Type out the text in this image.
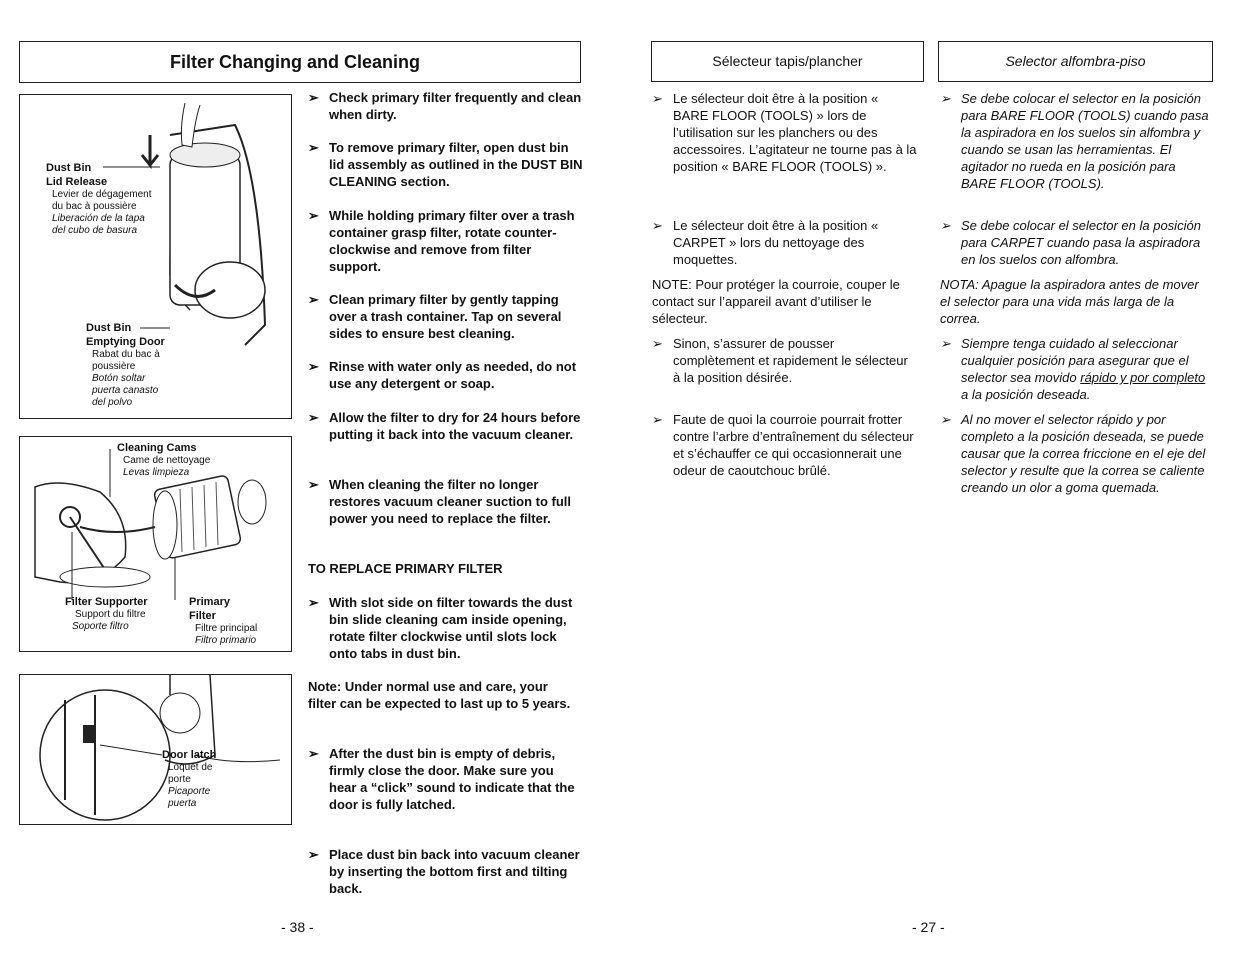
Filter Changing and Cleaning
Dust Bin
Lid Release
Levier de dégagement
du bac à poussière
Liberación de la tapa
del cubo de basura
Dust Bin
Emptying Door
Rabat du bac à
poussière
Botón soltar
puerta canasto
del polvo
Cleaning Cams
Came de nettoyage
Levas limpieza
Filter Supporter
Support du filtre
Soporte filtro
Primary
Filter
Filtre principal
Filtro primario
Door latch
Loquet de
porte
Picaporte
puerta
➢ Check primary filter frequently and clean when dirty.
➢ To remove primary filter, open dust bin lid assembly as outlined in the DUST BIN CLEANING section.
➢ While holding primary filter over a trash container grasp filter, rotate counter-clockwise and remove from filter support.
➢ Clean primary filter by gently tapping over a trash container. Tap on several sides to ensure best cleaning.
➢ Rinse with water only as needed, do not use any detergent or soap.
➢ Allow the filter to dry for 24 hours before putting it back into the vacuum cleaner.
➢ When cleaning the filter no longer restores vacuum cleaner suction to full power you need to replace the filter.
TO REPLACE PRIMARY FILTER
➢ With slot side on filter towards the dust bin slide cleaning cam inside opening, rotate filter clockwise until slots lock onto tabs in dust bin.
Note: Under normal use and care, your filter can be expected to last up to 5 years.
➢ After the dust bin is empty of debris, firmly close the door. Make sure you hear a “click” sound to indicate that the door is fully latched.
➢ Place dust bin back into vacuum cleaner by inserting the bottom first and tilting back.
- 38 -
Sélecteur tapis/plancher
➢ Le sélecteur doit être à la position « BARE FLOOR (TOOLS) » lors de l’utilisation sur les planchers ou des accessoires. L’agitateur ne tourne pas à la position « BARE FLOOR (TOOLS) ».
➢ Le sélecteur doit être à la position « CARPET » lors du nettoyage des moquettes.
NOTE: Pour protéger la courroie, couper le contact sur l’appareil avant d’utiliser le sélecteur.
➢ Sinon, s’assurer de pousser complètement et rapidement le sélecteur à la position désirée.
➢ Faute de quoi la courroie pourrait frotter contre l’arbre d’entraînement du sélecteur et s’échauffer ce qui occasionnerait une odeur de caoutchouc brûlé.
Selector alfombra-piso
➢ Se debe colocar el selector en la posición para BARE FLOOR (TOOLS) cuando pasa la aspiradora en los suelos sin alfombra y cuando se usan las herramientas. El agitador no rueda en la posición para BARE FLOOR (TOOLS).
➢ Se debe colocar el selector en la posición para CARPET cuando pasa la aspiradora en los suelos con alfombra.
NOTA: Apague la aspiradora antes de mover el selector para una vida más larga de la correa.
➢ Siempre tenga cuidado al seleccionar cualquier posición para asegurar que el selector sea movido rápido y por completo a la posición deseada.
➢ Al no mover el selector rápido y por completo a la posición deseada, se puede causar que la correa friccione en el eje del selector y resulte que la correa se caliente creando un olor a goma quemada.
- 27 -
